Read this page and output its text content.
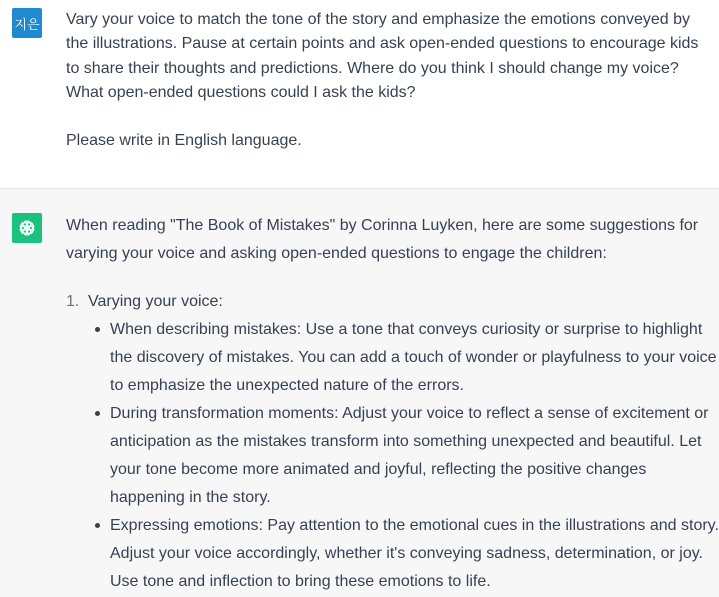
지은 Vary your voice to match the tone of the story and emphasize the emotions conveyed by the illustrations. Pause at certain points and ask open-ended questions to encourage kids to share their thoughts and predictions. Where do you think I should change my voice? What open-ended questions could I ask the kids?

Please write in English language.

When reading "The Book of Mistakes" by Corinna Luyken, here are some suggestions for varying your voice and asking open-ended questions to engage the children:

1. Varying your voice:
When describing mistakes: Use a tone that conveys curiosity or surprise to highlight the discovery of mistakes. You can add a touch of wonder or playfulness to your voice to emphasize the unexpected nature of the errors.
During transformation moments: Adjust your voice to reflect a sense of excitement or anticipation as the mistakes transform into something unexpected and beautiful. Let your tone become more animated and joyful, reflecting the positive changes happening in the story.
Expressing emotions: Pay attention to the emotional cues in the illustrations and story. Adjust your voice accordingly, whether it's conveying sadness, determination, or joy. Use tone and inflection to bring these emotions to life.
